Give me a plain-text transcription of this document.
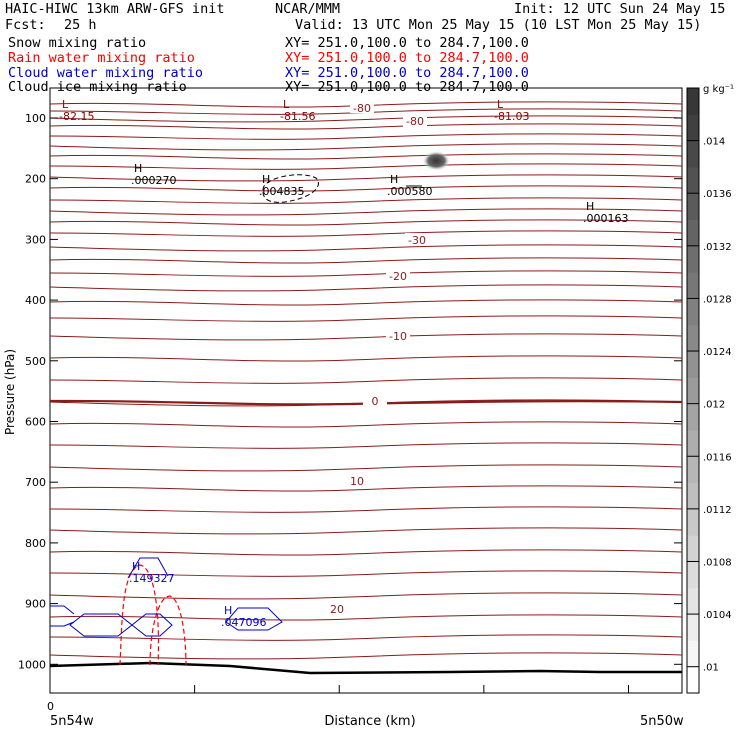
HAIC-HIWC 13km ARW-GFS init	NCAR/MMM	Init: 12 UTC Sun 24 May 15
Fcst: 25 h	Valid: 13 UTC Mon 25 May 15 (10 LST Mon 25 May 15)
Snow mixing ratio	XY= 251.0,100.0 to 284.7,100.0
Rain water mixing ratio	XY= 251.0,100.0 to 284.7,100.0
Cloud water mixing ratio	XY= 251.0,100.0 to 284.7,100.0
Cloud ice mixing ratio	XY= 251.0,100.0 to 284.7,100.0
-80
-30
-20
-10
0
10
20
-80
L
-82.15
L
-81.56
L
-81.03
H
.000270	H
.004835
H
.000580
H
.000163
H
.149327
H
.047096
100
200
300
400
500
600
700
800
900
1000	.01
.0104
.0108
.0112
.0116
.012
.0124
.0128
.0132
.0136
.014
g kg⁻¹
Pressure (hPa)
Distance (km)
5n54w	5n50w
0
